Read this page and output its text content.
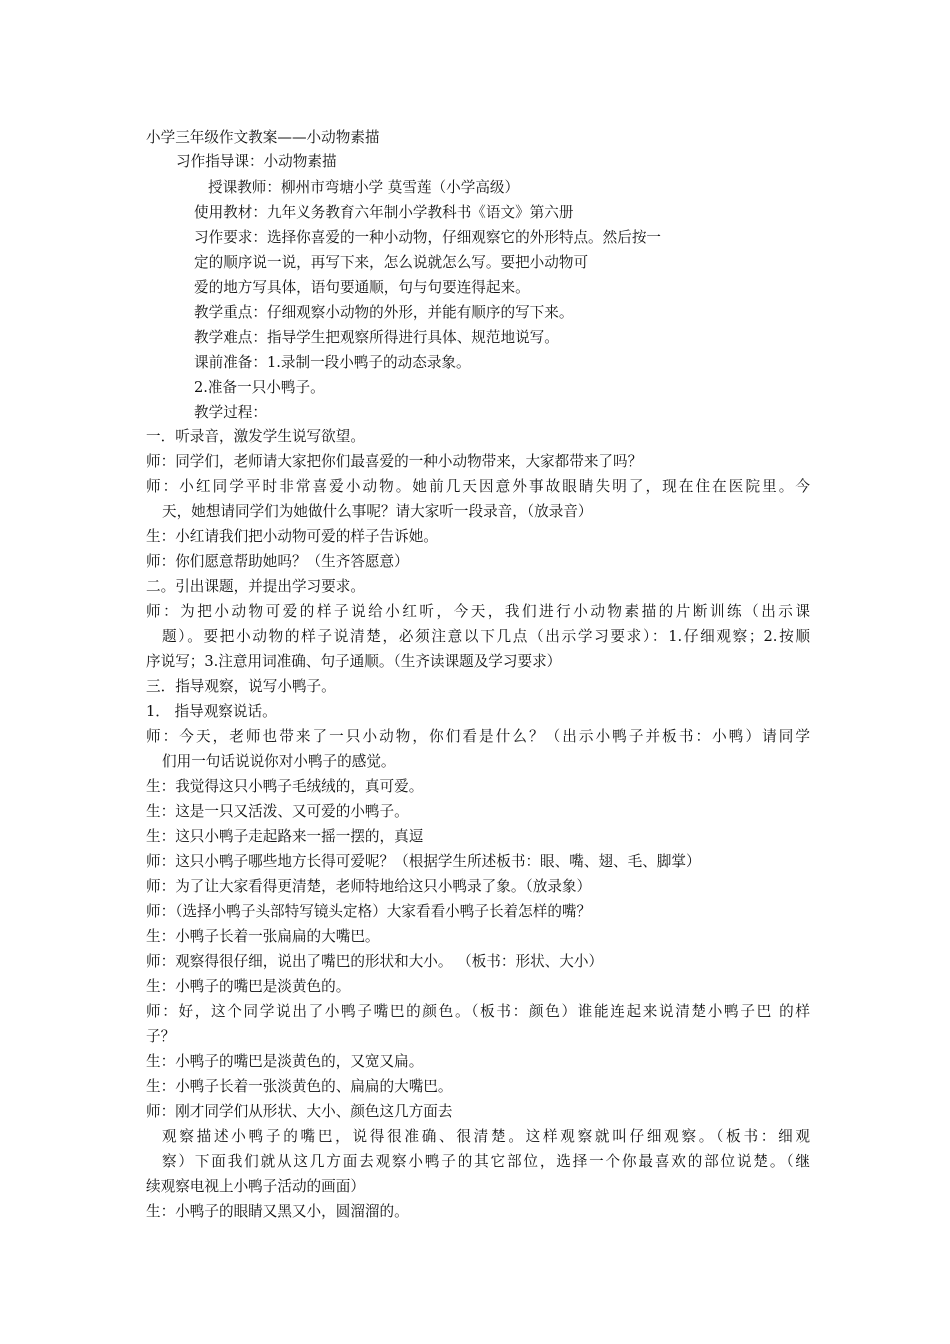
小学三年级作文教案——小动物素描
习作指导课：小动物素描
授课教师：柳州市弯塘小学 莫雪莲（小学高级）
使用教材：九年义务教育六年制小学教科书《语文》第六册
习作要求：选择你喜爱的一种小动物，仔细观察它的外形特点。然后按一
定的顺序说一说，再写下来，怎么说就怎么写。要把小动物可
爱的地方写具体，语句要通顺，句与句要连得起来。
教学重点：仔细观察小动物的外形，并能有顺序的写下来。
教学难点：指导学生把观察所得进行具体、规范地说写。
课前准备：1.录制一段小鸭子的动态录象。
2.准备一只小鸭子。
教学过程：
一．听录音，激发学生说写欲望。
师：同学们，老师请大家把你们最喜爱的一种小动物带来，大家都带来了吗？
师：小红同学平时非常喜爱小动物。她前几天因意外事故眼睛失明了，现在住在医院里。今
天，她想请同学们为她做什么事呢？请大家听一段录音，（放录音）
生：小红请我们把小动物可爱的样子告诉她。
师：你们愿意帮助她吗？（生齐答愿意）
二。引出课题，并提出学习要求。
师：为把小动物可爱的样子说给小红听，今天，我们进行小动物素描的片断训练（出示课
题）。要把小动物的样子说清楚，必须注意以下几点（出示学习要求）：1.仔细观察；2.按顺
序说写；3.注意用词准确、句子通顺。（生齐读课题及学习要求）
三．指导观察，说写小鸭子。
1． 指导观察说话。
师：今天，老师也带来了一只小动物，你们看是什么？（出示小鸭子并板书：小鸭）请同学
们用一句话说说你对小鸭子的感觉。
生：我觉得这只小鸭子毛绒绒的，真可爱。
生：这是一只又活泼、又可爱的小鸭子。
生：这只小鸭子走起路来一摇一摆的，真逗
师：这只小鸭子哪些地方长得可爱呢？（根据学生所述板书：眼、嘴、翅、毛、脚掌）
师：为了让大家看得更清楚，老师特地给这只小鸭录了象。（放录象）
师：（选择小鸭子头部特写镜头定格）大家看看小鸭子长着怎样的嘴？
生：小鸭子长着一张扁扁的大嘴巴。
师：观察得很仔细，说出了嘴巴的形状和大小。 （板书：形状、大小）
生：小鸭子的嘴巴是淡黄色的。
师：好，这个同学说出了小鸭子嘴巴的颜色。（板书：颜色）谁能连起来说清楚小鸭子巴 的样
子？
生：小鸭子的嘴巴是淡黄色的，又宽又扁。
生：小鸭子长着一张淡黄色的、扁扁的大嘴巴。
师：刚才同学们从形状、大小、颜色这几方面去
观察描述小鸭子的嘴巴，说得很准确、很清楚。这样观察就叫仔细观察。（板书：细观
察）下面我们就从这几方面去观察小鸭子的其它部位，选择一个你最喜欢的部位说楚。（继
续观察电视上小鸭子活动的画面）
生：小鸭子的眼睛又黑又小，圆溜溜的。
